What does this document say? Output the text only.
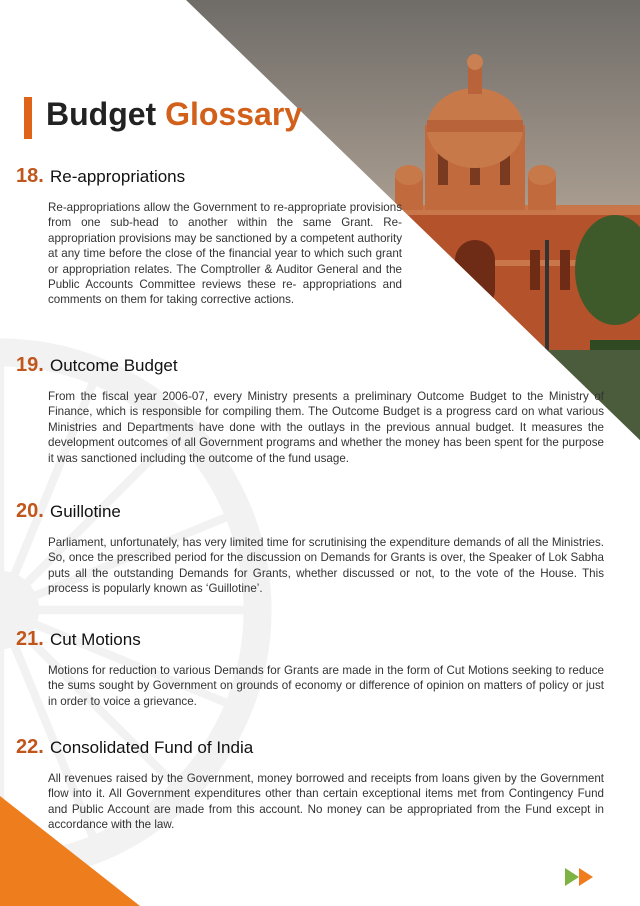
Budget Glossary
18. Re-appropriations
Re-appropriations allow the Government to re-appropriate provisions from one sub-head to another within the same Grant. Re-appropriation provisions may be sanctioned by a competent authority at any time before the close of the financial year to which such grant or appropriation relates. The Comptroller & Auditor General and the Public Accounts Committee reviews these re- appropriations and comments on them for taking corrective actions.
19. Outcome Budget
From the fiscal year 2006-07, every Ministry presents a preliminary Outcome Budget to the Ministry of Finance, which is responsible for compiling them. The Outcome Budget is a progress card on what various Ministries and Departments have done with the outlays in the previous annual budget. It measures the development outcomes of all Government programs and whether the money has been spent for the purpose it was sanctioned including the outcome of the fund usage.
20. Guillotine
Parliament, unfortunately, has very limited time for scrutinising the expenditure demands of all the Ministries. So, once the prescribed period for the discussion on Demands for Grants is over, the Speaker of Lok Sabha puts all the outstanding Demands for Grants, whether discussed or not, to the vote of the House. This process is popularly known as ‘Guillotine’.
21. Cut Motions
Motions for reduction to various Demands for Grants are made in the form of Cut Motions seeking to reduce the sums sought by Government on grounds of economy or difference of opinion on matters of policy or just in order to voice a grievance.
22. Consolidated Fund of India
All revenues raised by the Government, money borrowed and receipts from loans given by the Government flow into it. All Government expenditures other than certain exceptional items met from Contingency Fund and Public Account are made from this account. No money can be appropriated from the Fund except in accordance with the law.
